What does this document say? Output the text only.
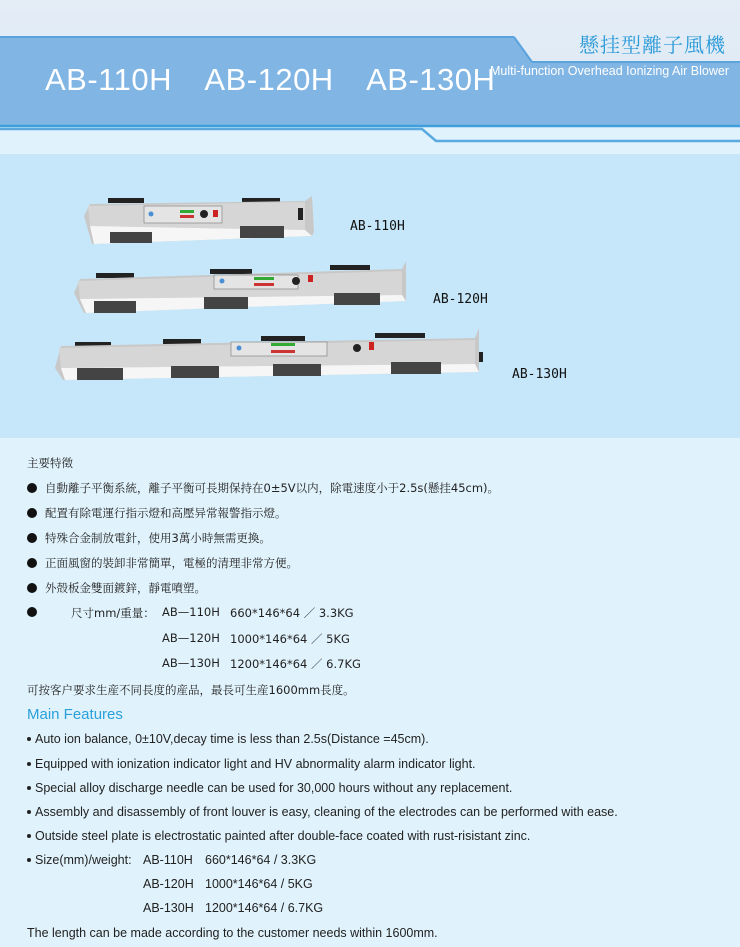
AB-110H AB-120H AB-130H
懸挂型離子風機
Multi-function Overhead Ionizing Air Blower
AB-110H
AB-120H
AB-130H
主要特徵
自動離子平衡系統，離子平衡可長期保持在0±5V以内，除電速度小于2.5s(懸挂45cm)。
配置有除電運行指示燈和高壓异常報警指示燈。
特殊合金制放電針，使用3萬小時無需更換。
正面風窗的裝卸非常簡單，電極的清理非常方便。
外殻板金雙面鍍鋅，靜電噴塑。
尺寸mm/重量： AB—110H 660*146*64 ／ 3.3KG
AB—120H 1000*146*64 ／ 5KG
AB—130H 1200*146*64 ／ 6.7KG
可按客户要求生産不同長度的産品，最長可生産1600mm長度。
Main Features
Auto ion balance, 0±10V,decay time is less than 2.5s(Distance =45cm).
Equipped with ionization indicator light and HV abnormality alarm indicator light.
Special alloy discharge needle can be used for 30,000 hours without any replacement.
Assembly and disassembly of front louver is easy, cleaning of the electrodes can be performed with ease.
Outside steel plate is electrostatic painted after double-face coated with rust-risistant zinc.
Size(mm)/weight: AB-110H 660*146*64 / 3.3KG
AB-120H 1000*146*64 / 5KG
AB-130H 1200*146*64 / 6.7KG
The length can be made according to the customer needs within 1600mm.
